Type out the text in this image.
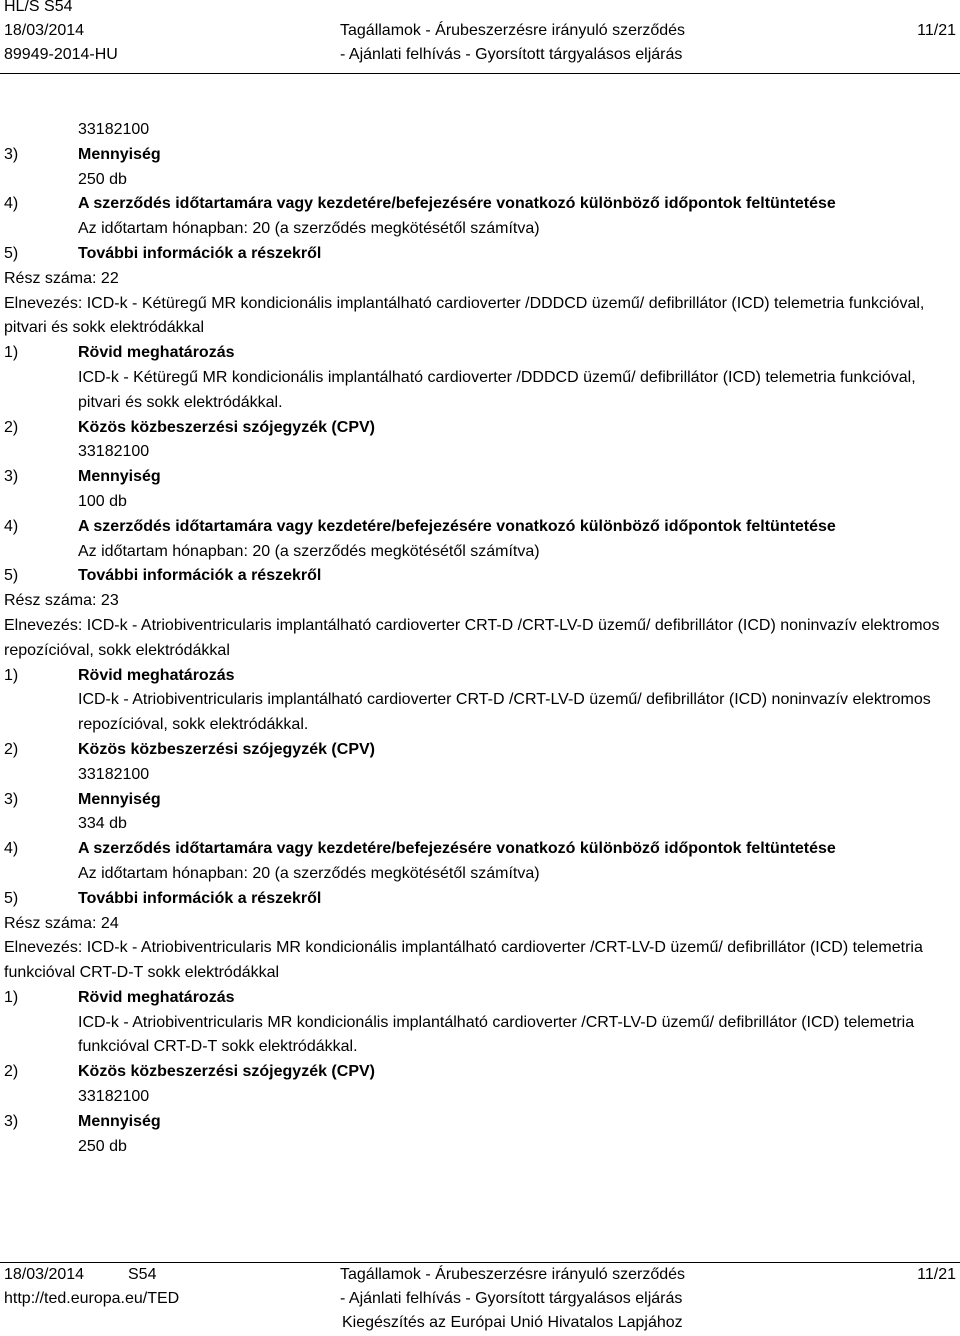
HL/S S54
18/03/2014
89949-2014-HU
Tagállamok - Árubeszerzésre irányuló szerződés
- Ajánlati felhívás - Gyorsított tárgyalásos eljárás
11/21
33182100
3)	Mennyiség
250 db
4)	A szerződés időtartamára vagy kezdetére/befejezésére vonatkozó különböző időpontok feltüntetése
Az időtartam hónapban: 20 (a szerződés megkötésétől számítva)
5)	További információk a részekről
Rész száma: 22
Elnevezés: ICD-k - Kétüregű MR kondicionális implantálható cardioverter /DDDCD üzemű/ defibrillátor (ICD) telemetria funkcióval, pitvari és sokk elektródákkal
1)	Rövid meghatározás
ICD-k - Kétüregű MR kondicionális implantálható cardioverter /DDDCD üzemű/ defibrillátor (ICD) telemetria funkcióval, pitvari és sokk elektródákkal.
2)	Közös közbeszerzési szójegyzék (CPV)
33182100
3)	Mennyiség
100 db
4)	A szerződés időtartamára vagy kezdetére/befejezésére vonatkozó különböző időpontok feltüntetése
Az időtartam hónapban: 20 (a szerződés megkötésétől számítva)
5)	További információk a részekről
Rész száma: 23
Elnevezés: ICD-k - Atriobiventricularis implantálható cardioverter CRT-D /CRT-LV-D üzemű/ defibrillátor (ICD) noninvazív elektromos repozícióval, sokk elektródákkal
1)	Rövid meghatározás
ICD-k - Atriobiventricularis implantálható cardioverter CRT-D /CRT-LV-D üzemű/ defibrillátor (ICD) noninvazív elektromos repozícióval, sokk elektródákkal.
2)	Közös közbeszerzési szójegyzék (CPV)
33182100
3)	Mennyiség
334 db
4)	A szerződés időtartamára vagy kezdetére/befejezésére vonatkozó különböző időpontok feltüntetése
Az időtartam hónapban: 20 (a szerződés megkötésétől számítva)
5)	További információk a részekről
Rész száma: 24
Elnevezés: ICD-k - Atriobiventricularis MR kondicionális implantálható cardioverter /CRT-LV-D üzemű/ defibrillátor (ICD) telemetria funkcióval CRT-D-T sokk elektródákkal
1)	Rövid meghatározás
ICD-k - Atriobiventricularis MR kondicionális implantálható cardioverter /CRT-LV-D üzemű/ defibrillátor (ICD) telemetria funkcióval CRT-D-T sokk elektródákkal.
2)	Közös közbeszerzési szójegyzék (CPV)
33182100
3)	Mennyiség
250 db
18/03/2014	S54
http://ted.europa.eu/TED
Tagállamok - Árubeszerzésre irányuló szerződés
- Ajánlati felhívás - Gyorsított tárgyalásos eljárás
Kiegészítés az Európai Unió Hivatalos Lapjához
11/21
